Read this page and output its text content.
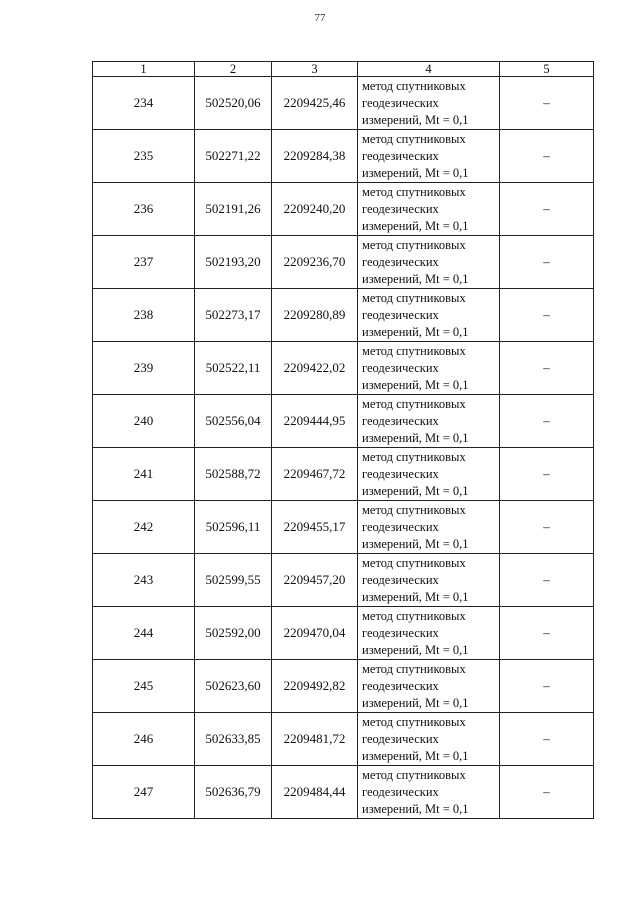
77
1	2	3	4	5
234	502520,06	2209425,46	метод спутниковых
геодезических
измерений, Mt = 0,1	–
235	502271,22	2209284,38	метод спутниковых
геодезических
измерений, Mt = 0,1	–
236	502191,26	2209240,20	метод спутниковых
геодезических
измерений, Mt = 0,1	–
237	502193,20	2209236,70	метод спутниковых
геодезических
измерений, Mt = 0,1	–
238	502273,17	2209280,89	метод спутниковых
геодезических
измерений, Mt = 0,1	–
239	502522,11	2209422,02	метод спутниковых
геодезических
измерений, Mt = 0,1	–
240	502556,04	2209444,95	метод спутниковых
геодезических
измерений, Mt = 0,1	–
241	502588,72	2209467,72	метод спутниковых
геодезических
измерений, Mt = 0,1	–
242	502596,11	2209455,17	метод спутниковых
геодезических
измерений, Mt = 0,1	–
243	502599,55	2209457,20	метод спутниковых
геодезических
измерений, Mt = 0,1	–
244	502592,00	2209470,04	метод спутниковых
геодезических
измерений, Mt = 0,1	–
245	502623,60	2209492,82	метод спутниковых
геодезических
измерений, Mt = 0,1	–
246	502633,85	2209481,72	метод спутниковых
геодезических
измерений, Mt = 0,1	–
247	502636,79	2209484,44	метод спутниковых
геодезических
измерений, Mt = 0,1	–
